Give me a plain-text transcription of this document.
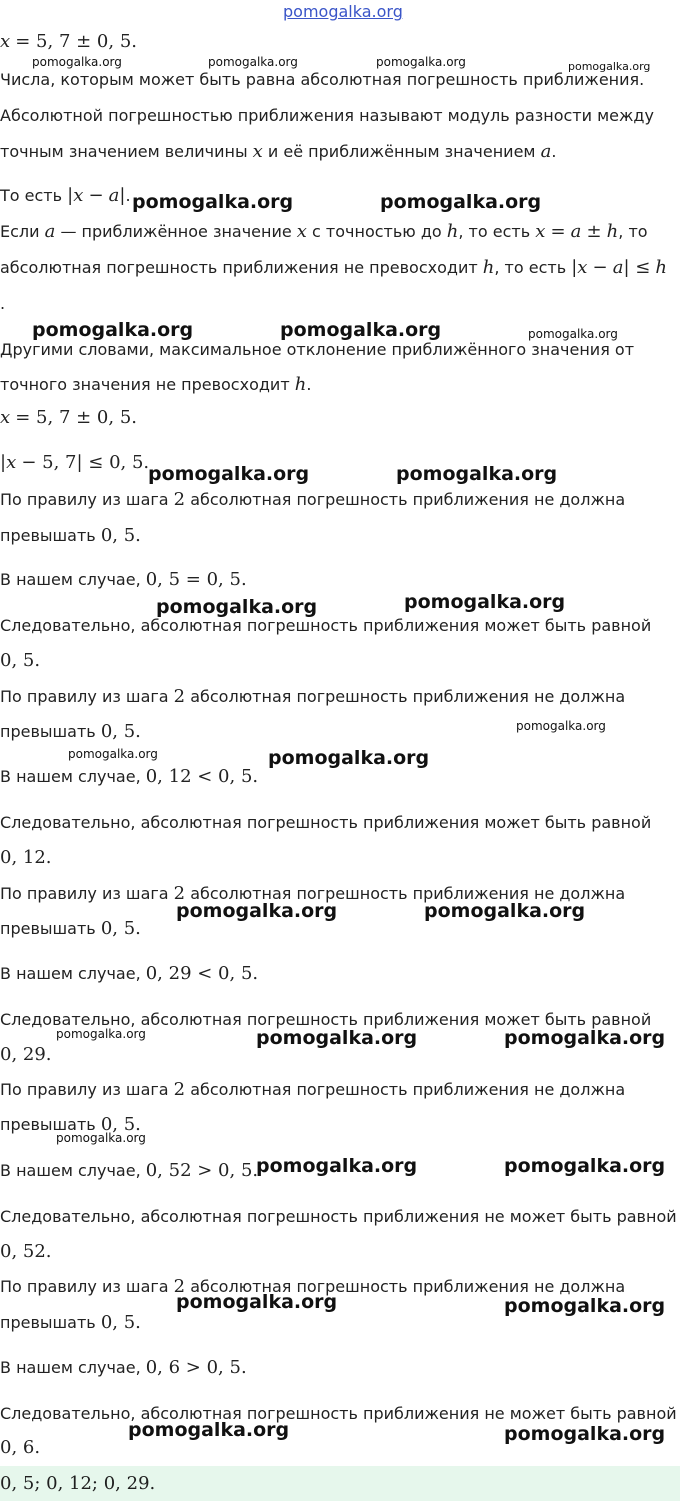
pomogalka.org
x = 5, 7 ± 0, 5.
Числа, которым может быть равна абсолютная погрешность приближения.
Абсолютной погрешностью приближения называют модуль разности между
точным значением величины x и её приближённым значением a.
То есть |x − a|.
Если a — приближённое значение x с точностью до h, то есть x = a ± h, то
абсолютная погрешность приближения не превосходит h, то есть |x − a| ≤ h
.
Другими словами, максимальное отклонение приближённого значения от
точного значения не превосходит h.
x = 5, 7 ± 0, 5.
|x − 5, 7| ≤ 0, 5.
По правилу из шага 2 абсолютная погрешность приближения не должна
превышать 0, 5.
В нашем случае, 0, 5 = 0, 5.
Следовательно, абсолютная погрешность приближения может быть равной
0, 5.
По правилу из шага 2 абсолютная погрешность приближения не должна
превышать 0, 5.
В нашем случае, 0, 12 < 0, 5.
Следовательно, абсолютная погрешность приближения может быть равной
0, 12.
По правилу из шага 2 абсолютная погрешность приближения не должна
превышать 0, 5.
В нашем случае, 0, 29 < 0, 5.
Следовательно, абсолютная погрешность приближения может быть равной
0, 29.
По правилу из шага 2 абсолютная погрешность приближения не должна
превышать 0, 5.
В нашем случае, 0, 52 > 0, 5.
Следовательно, абсолютная погрешность приближения не может быть равной
0, 52.
По правилу из шага 2 абсолютная погрешность приближения не должна
превышать 0, 5.
В нашем случае, 0, 6 > 0, 5.
Следовательно, абсолютная погрешность приближения не может быть равной
0, 6.
0, 5; 0, 12; 0, 29.
pomogalka.org	pomogalka.org	pomogalka.org	pomogalka.org
pomogalka.org	pomogalka.org
pomogalka.org	pomogalka.org	pomogalka.org
pomogalka.org	pomogalka.org
pomogalka.org	pomogalka.org
pomogalka.org
pomogalka.org	pomogalka.org
pomogalka.org	pomogalka.org
pomogalka.org	pomogalka.org	pomogalka.org
pomogalka.org
pomogalka.org	pomogalka.org
pomogalka.org	pomogalka.org
pomogalka.org	pomogalka.org
